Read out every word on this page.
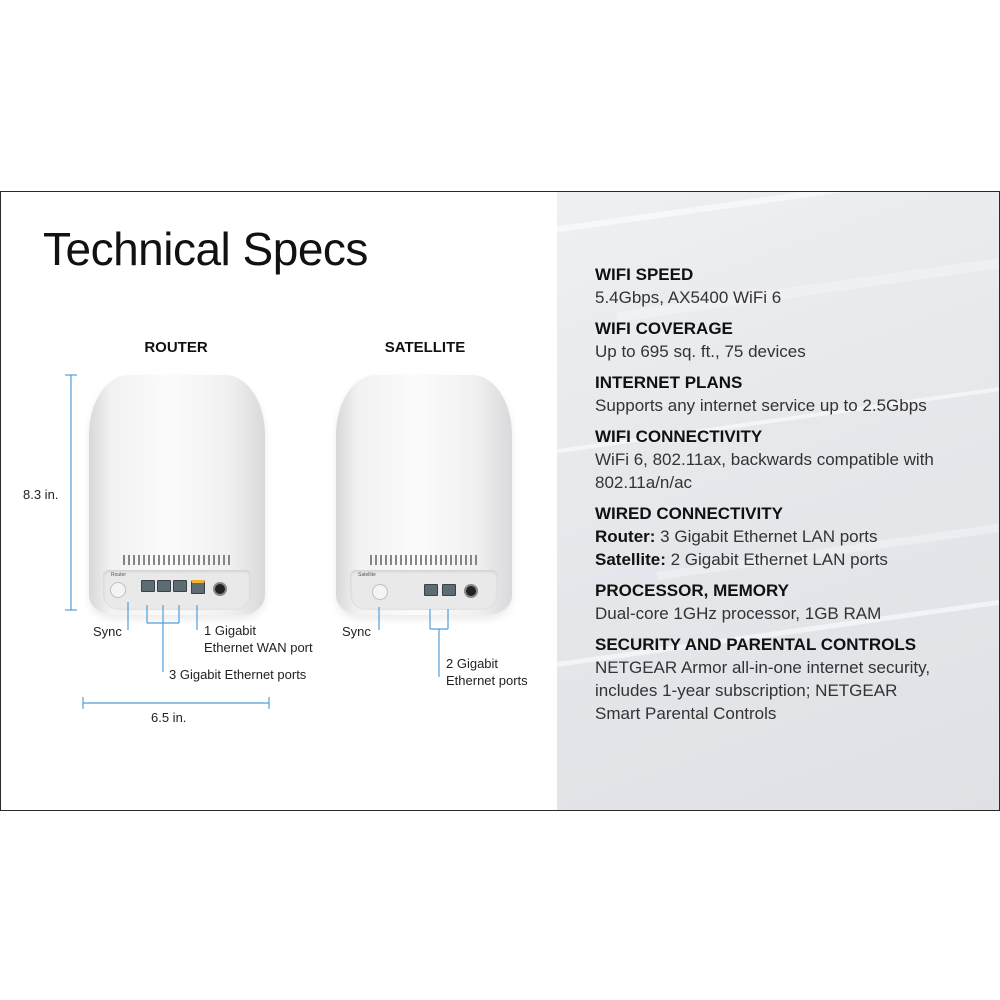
Technical Specs
ROUTER	SATELLITE
Router	Satellite
8.3 in.
6.5 in.
Sync	1 Gigabit
Ethernet WAN port
3 Gigabit Ethernet ports
Sync
2 Gigabit
Ethernet ports
WIFI SPEED
5.4Gbps, AX5400 WiFi 6
WIFI COVERAGE
Up to 695 sq. ft., 75 devices
INTERNET PLANS
Supports any internet service up to 2.5Gbps
WIFI CONNECTIVITY
WiFi 6, 802.11ax, backwards compatible with
802.11a/n/ac
WIRED CONNECTIVITY
Router: 3 Gigabit Ethernet LAN ports
Satellite: 2 Gigabit Ethernet LAN ports
PROCESSOR, MEMORY
Dual-core 1GHz processor, 1GB RAM
SECURITY AND PARENTAL CONTROLS
NETGEAR Armor all-in-one internet security,
includes 1-year subscription; NETGEAR
Smart Parental Controls
